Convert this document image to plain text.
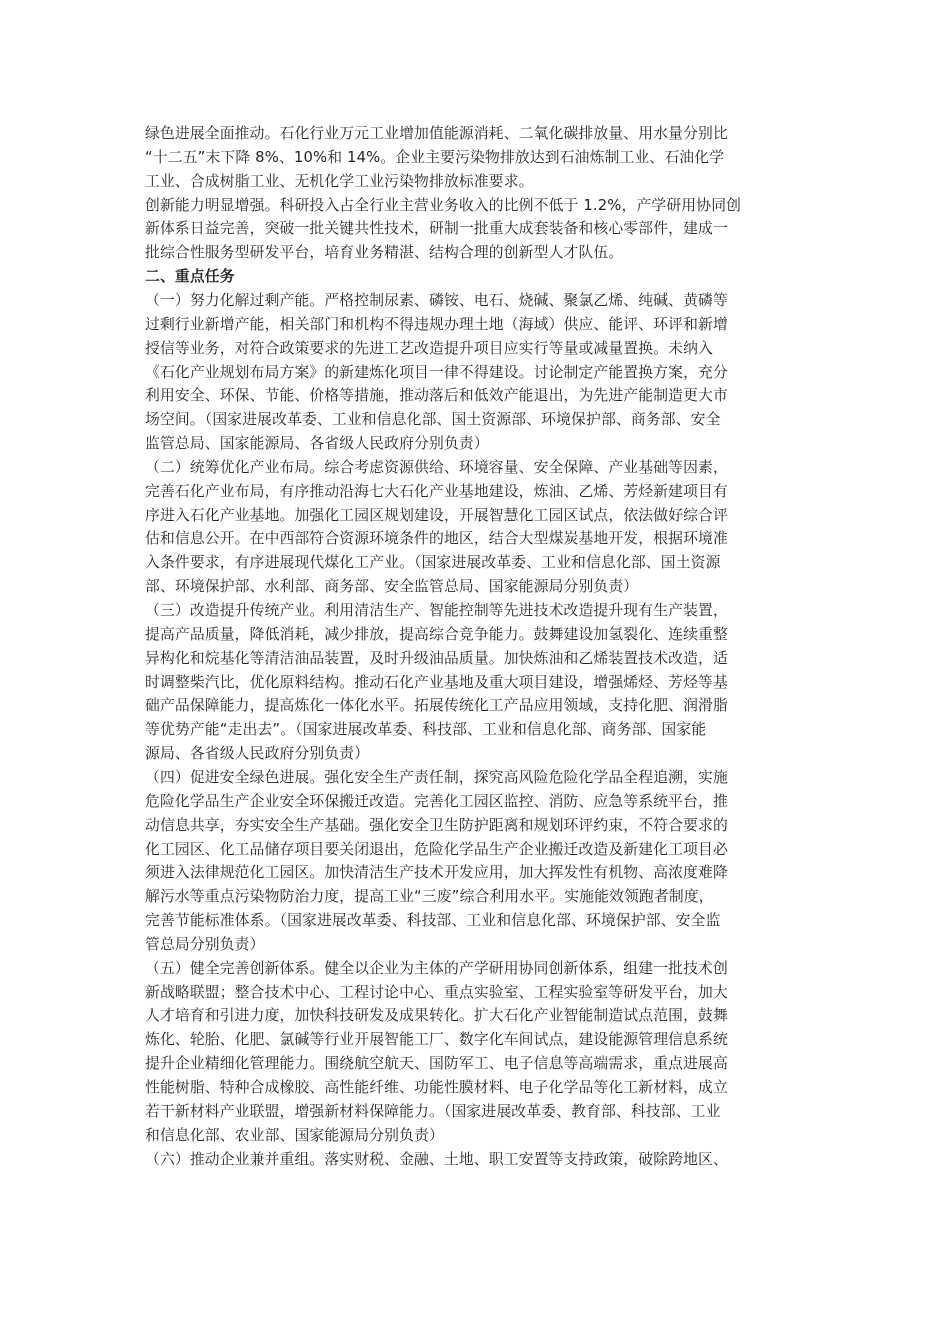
绿色进展全面推动。石化行业万元工业增加值能源消耗、二氧化碳排放量、用水量分别比
“十二五”末下降 8%、10%和 14%。企业主要污染物排放达到石油炼制工业、石油化学
工业、合成树脂工业、无机化学工业污染物排放标准要求。
创新能力明显增强。科研投入占全行业主营业务收入的比例不低于 1.2%，产学研用协同创
新体系日益完善，突破一批关键共性技术，研制一批重大成套装备和核心零部件，建成一
批综合性服务型研发平台，培育业务精湛、结构合理的创新型人才队伍。
二、重点任务
（一）努力化解过剩产能。严格控制尿素、磷铵、电石、烧碱、聚氯乙烯、纯碱、黄磷等
过剩行业新增产能，相关部门和机构不得违规办理土地（海域）供应、能评、环评和新增
授信等业务，对符合政策要求的先进工艺改造提升项目应实行等量或减量置换。未纳入
《石化产业规划布局方案》的新建炼化项目一律不得建设。讨论制定产能置换方案，充分
利用安全、环保、节能、价格等措施，推动落后和低效产能退出，为先进产能制造更大市
场空间。（国家进展改革委、工业和信息化部、国土资源部、环境保护部、商务部、安全
监管总局、国家能源局、各省级人民政府分别负责）
（二）统筹优化产业布局。综合考虑资源供给、环境容量、安全保障、产业基础等因素，
完善石化产业布局，有序推动沿海七大石化产业基地建设，炼油、乙烯、芳烃新建项目有
序进入石化产业基地。加强化工园区规划建设，开展智慧化工园区试点，依法做好综合评
估和信息公开。在中西部符合资源环境条件的地区，结合大型煤炭基地开发，根据环境准
入条件要求，有序进展现代煤化工产业。（国家进展改革委、工业和信息化部、国土资源
部、环境保护部、水利部、商务部、安全监管总局、国家能源局分别负责）
（三）改造提升传统产业。利用清洁生产、智能控制等先进技术改造提升现有生产装置，
提高产品质量，降低消耗，减少排放，提高综合竞争能力。鼓舞建设加氢裂化、连续重整
异构化和烷基化等清洁油品装置，及时升级油品质量。加快炼油和乙烯装置技术改造，适
时调整柴汽比，优化原料结构。推动石化产业基地及重大项目建设，增强烯烃、芳烃等基
础产品保障能力，提高炼化一体化水平。拓展传统化工产品应用领域，支持化肥、润滑脂
等优势产能“走出去”。（国家进展改革委、科技部、工业和信息化部、商务部、国家能
源局、各省级人民政府分别负责）
（四）促进安全绿色进展。强化安全生产责任制，探究高风险危险化学品全程追溯，实施
危险化学品生产企业安全环保搬迁改造。完善化工园区监控、消防、应急等系统平台，推
动信息共享，夯实安全生产基础。强化安全卫生防护距离和规划环评约束，不符合要求的
化工园区、化工品储存项目要关闭退出，危险化学品生产企业搬迁改造及新建化工项目必
须进入法律规范化工园区。加快清洁生产技术开发应用，加大挥发性有机物、高浓度难降
解污水等重点污染物防治力度，提高工业“三废”综合利用水平。实施能效领跑者制度，
完善节能标准体系。（国家进展改革委、科技部、工业和信息化部、环境保护部、安全监
管总局分别负责）
（五）健全完善创新体系。健全以企业为主体的产学研用协同创新体系，组建一批技术创
新战略联盟；整合技术中心、工程讨论中心、重点实验室、工程实验室等研发平台，加大
人才培育和引进力度，加快科技研发及成果转化。扩大石化产业智能制造试点范围，鼓舞
炼化、轮胎、化肥、氯碱等行业开展智能工厂、数字化车间试点，建设能源管理信息系统
提升企业精细化管理能力。围绕航空航天、国防军工、电子信息等高端需求，重点进展高
性能树脂、特种合成橡胶、高性能纤维、功能性膜材料、电子化学品等化工新材料，成立
若干新材料产业联盟，增强新材料保障能力。（国家进展改革委、教育部、科技部、工业
和信息化部、农业部、国家能源局分别负责）
（六）推动企业兼并重组。落实财税、金融、土地、职工安置等支持政策，破除跨地区、
